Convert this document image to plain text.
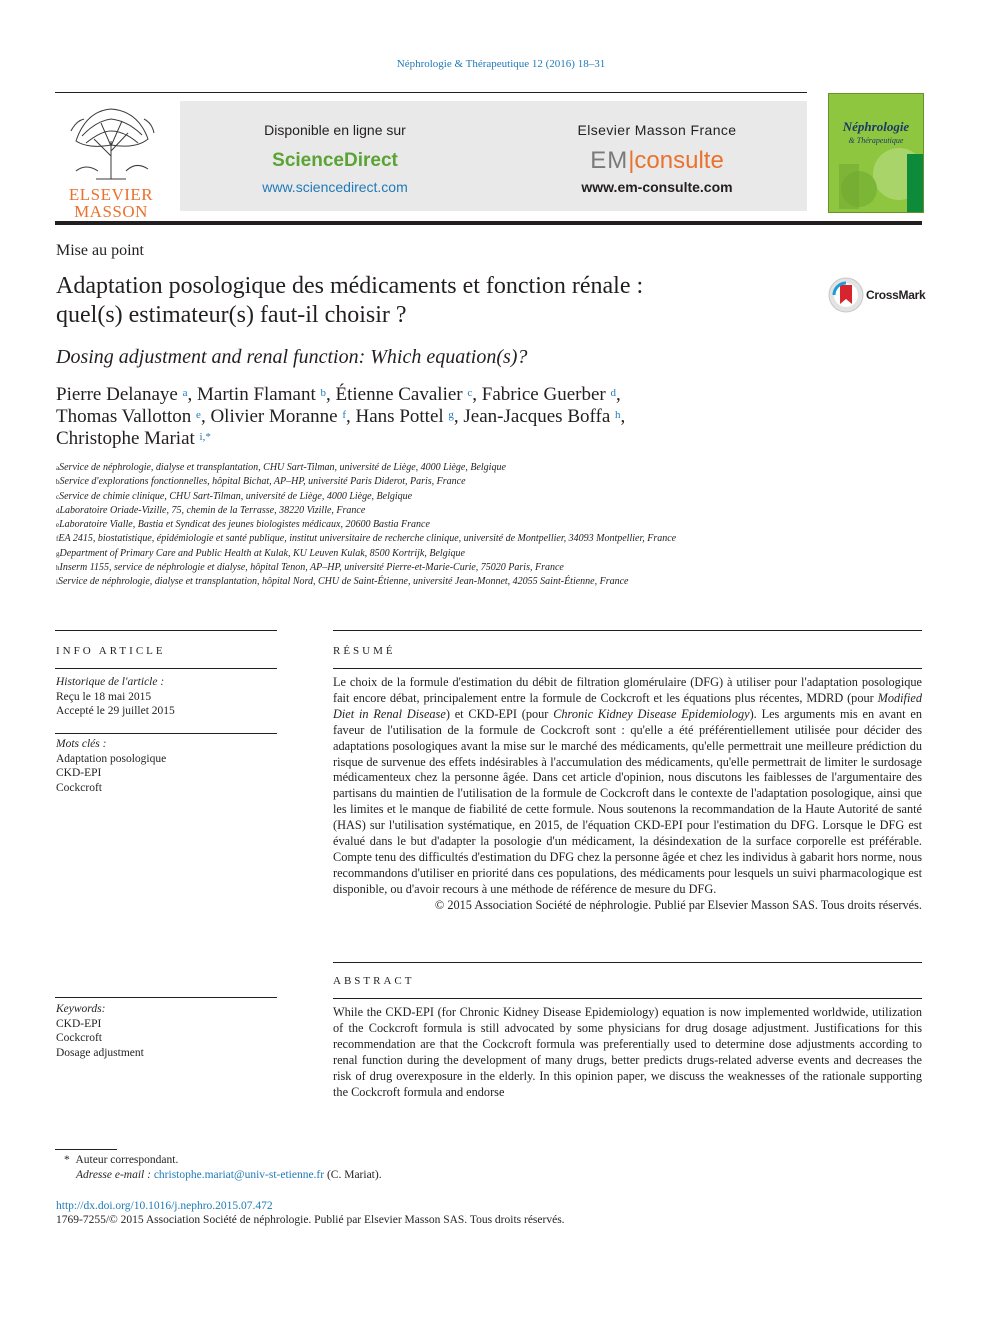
Néphrologie & Thérapeutique 12 (2016) 18–31
ELSEVIER
MASSON
Disponible en ligne sur
ScienceDirect
www.sciencedirect.com
Elsevier Masson France
EM|consulte
www.em-consulte.com
Néphrologie
& Thérapeutique
Mise au point
Adaptation posologique des médicaments et fonction rénale :
quel(s) estimateur(s) faut-il choisir ?
CrossMark
Dosing adjustment and renal function: Which equation(s)?
Pierre Delanaye $^a$, Martin Flamant $^b$, Étienne Cavalier $^c$, Fabrice Guerber $^d$,
Thomas Vallotton $^e$, Olivier Moranne $^f$, Hans Pottel $^g$, Jean-Jacques Boffa $^h$,
Christophe Mariat $^{i,*}$
$^a$Service de néphrologie, dialyse et transplantation, CHU Sart-Tilman, université de Liège, 4000 Liège, Belgique
$^b$Service d'explorations fonctionnelles, hôpital Bichat, AP–HP, université Paris Diderot, Paris, France
$^c$Service de chimie clinique, CHU Sart-Tilman, université de Liège, 4000 Liège, Belgique
$^d$Laboratoire Oriade-Vizille, 75, chemin de la Terrasse, 38220 Vizille, France
$^e$Laboratoire Vialle, Bastia et Syndicat des jeunes biologistes médicaux, 20600 Bastia France
$^f$EA 2415, biostatistique, épidémiologie et santé publique, institut universitaire de recherche clinique, université de Montpellier, 34093 Montpellier, France
$^g$Department of Primary Care and Public Health at Kulak, KU Leuven Kulak, 8500 Kortrijk, Belgique
$^h$Inserm 1155, service de néphrologie et dialyse, hôpital Tenon, AP–HP, université Pierre-et-Marie-Curie, 75020 Paris, France
$^i$Service de néphrologie, dialyse et transplantation, hôpital Nord, CHU de Saint-Étienne, université Jean-Monnet, 42055 Saint-Étienne, France
INFO ARTICLE
Historique de l'article :
Reçu le 18 mai 2015
Accepté le 29 juillet 2015
Mots clés :
Adaptation posologique
CKD-EPI
Cockcroft
Keywords:
CKD-EPI
Cockcroft
Dosage adjustment
RÉSUMÉ
Le choix de la formule d'estimation du débit de filtration glomérulaire (DFG) à utiliser pour l'adaptation posologique fait encore débat, principalement entre la formule de Cockcroft et les équations plus récentes, MDRD (pour Modified Diet in Renal Disease) et CKD-EPI (pour Chronic Kidney Disease Epidemiology). Les arguments mis en avant en faveur de l'utilisation de la formule de Cockcroft sont : qu'elle a été préférentiellement utilisée pour décider des adaptations posologiques avant la mise sur le marché des médicaments, qu'elle permettrait une meilleure prédiction du risque de survenue des effets indésirables à l'accumulation des médicaments, qu'elle permettrait de limiter le surdosage médicamenteux chez la personne âgée. Dans cet article d'opinion, nous discutons les faiblesses de l'argumentaire des partisans du maintien de l'utilisation de la formule de Cockcroft dans le contexte de l'adaptation posologique, ainsi que les limites et le manque de fiabilité de cette formule. Nous soutenons la recommandation de la Haute Autorité de santé (HAS) sur l'utilisation systématique, en 2015, de l'équation CKD-EPI pour l'estimation du DFG. Lorsque le DFG est évalué dans le but d'adapter la posologie d'un médicament, la désindexation de la surface corporelle est préférable. Compte tenu des difficultés d'estimation du DFG chez la personne âgée et chez les individus à gabarit hors norme, nous recommandons d'utiliser en priorité dans ces populations, des médicaments pour lesquels un suivi pharmacologique est disponible, ou d'avoir recours à une méthode de référence de mesure du DFG.
© 2015 Association Société de néphrologie. Publié par Elsevier Masson SAS. Tous droits réservés.
ABSTRACT
While the CKD-EPI (for Chronic Kidney Disease Epidemiology) equation is now implemented worldwide, utilization of the Cockcroft formula is still advocated by some physicians for drug dosage adjustment. Justifications for this recommendation are that the Cockcroft formula was preferentially used to determine dose adjustments according to renal function during the development of many drugs, better predicts drugs-related adverse events and decreases the risk of drug overexposure in the elderly. In this opinion paper, we discuss the weaknesses of the rationale supporting the Cockcroft formula and endorse
* Auteur correspondant.
Adresse e-mail : christophe.mariat@univ-st-etienne.fr (C. Mariat).
http://dx.doi.org/10.1016/j.nephro.2015.07.472
1769-7255/© 2015 Association Société de néphrologie. Publié par Elsevier Masson SAS. Tous droits réservés.
